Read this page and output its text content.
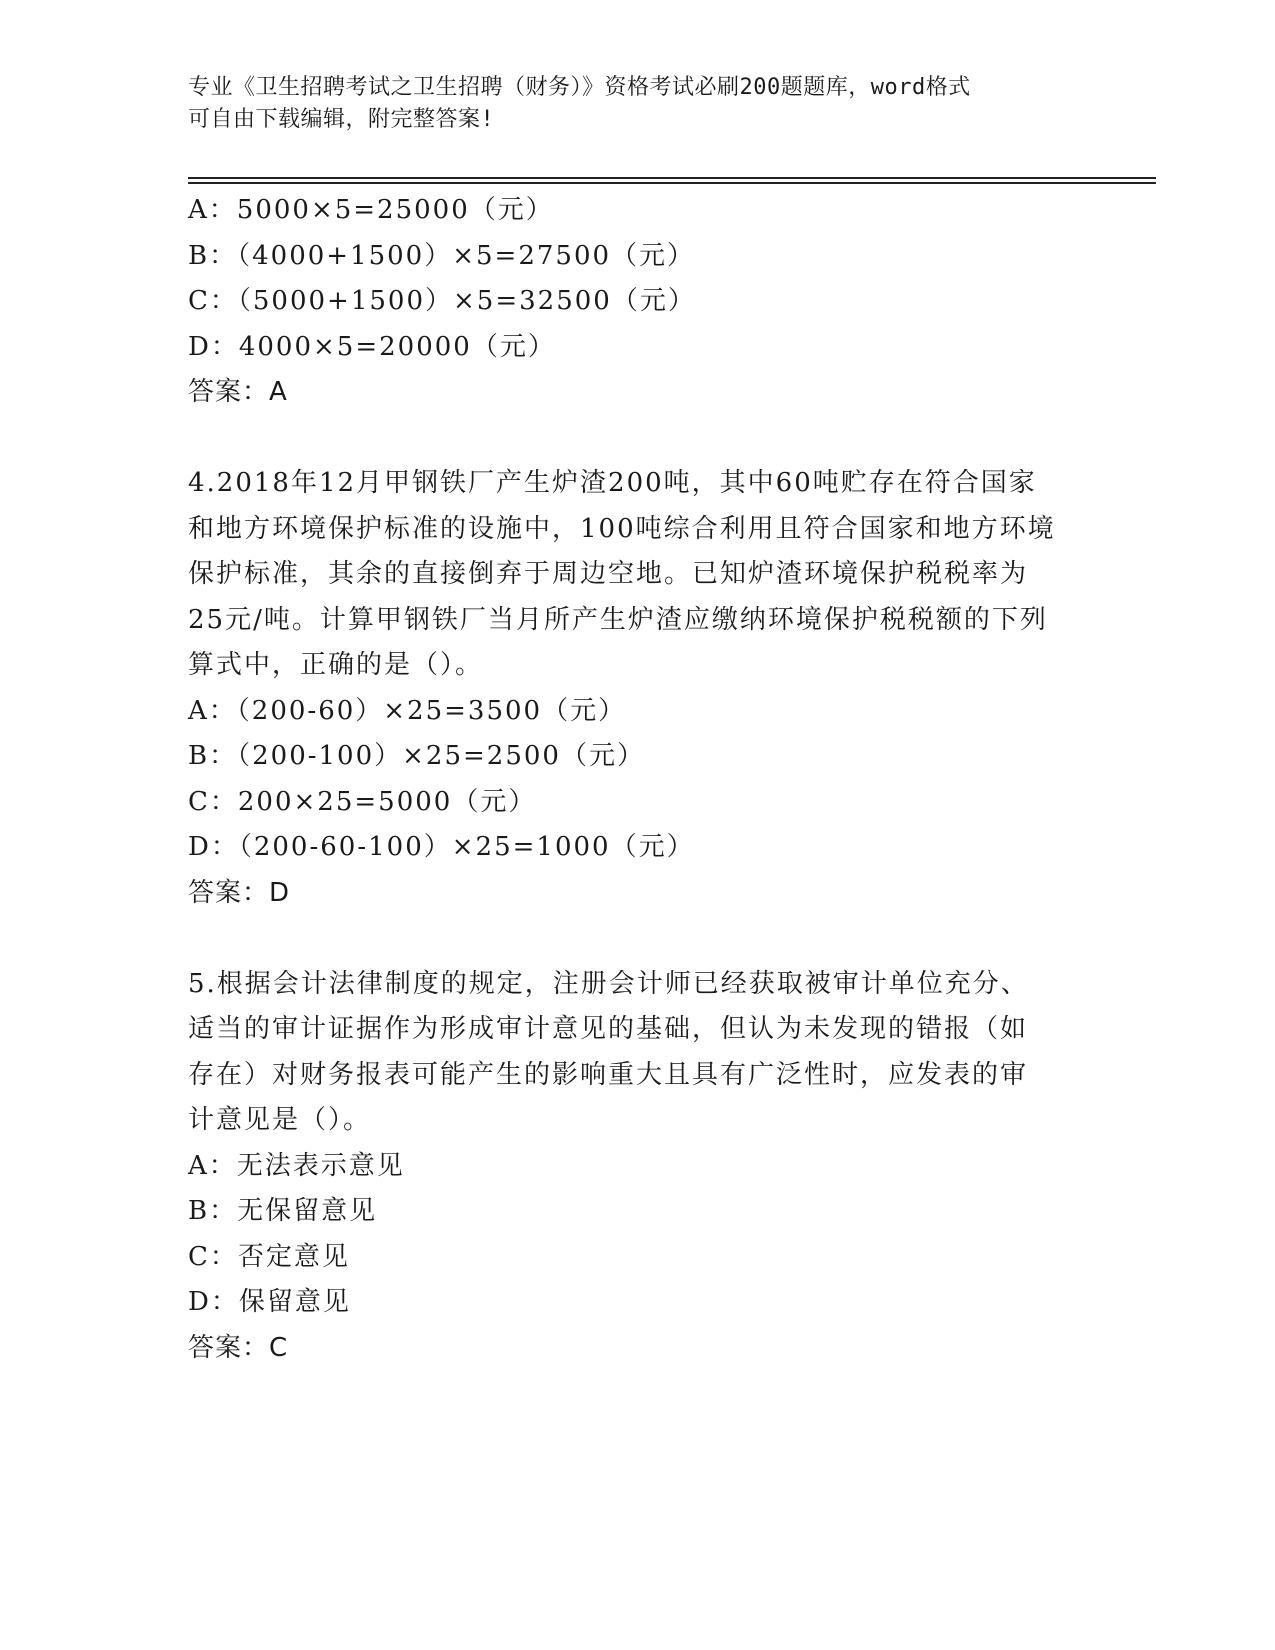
专业《卫生招聘考试之卫生招聘（财务）》资格考试必刷200题题库，word格式
可自由下载编辑，附完整答案!
A：5000×5=25000（元）
B：（4000+1500）×5=27500（元）
C：（5000+1500）×5=32500（元）
D：4000×5=20000（元）
答案：A
4.2018年12月甲钢铁厂产生炉渣200吨，其中60吨贮存在符合国家
和地方环境保护标准的设施中，100吨综合利用且符合国家和地方环境
保护标准，其余的直接倒弃于周边空地。已知炉渣环境保护税税率为
25元/吨。计算甲钢铁厂当月所产生炉渣应缴纳环境保护税税额的下列
算式中，正确的是（）。
A：（200-60）×25=3500（元）
B：（200-100）×25=2500（元）
C：200×25=5000（元）
D：（200-60-100）×25=1000（元）
答案：D
5.根据会计法律制度的规定，注册会计师已经获取被审计单位充分、
适当的审计证据作为形成审计意见的基础，但认为未发现的错报（如
存在）对财务报表可能产生的影响重大且具有广泛性时，应发表的审
计意见是（）。
A：无法表示意见
B：无保留意见
C：否定意见
D：保留意见
答案：C
